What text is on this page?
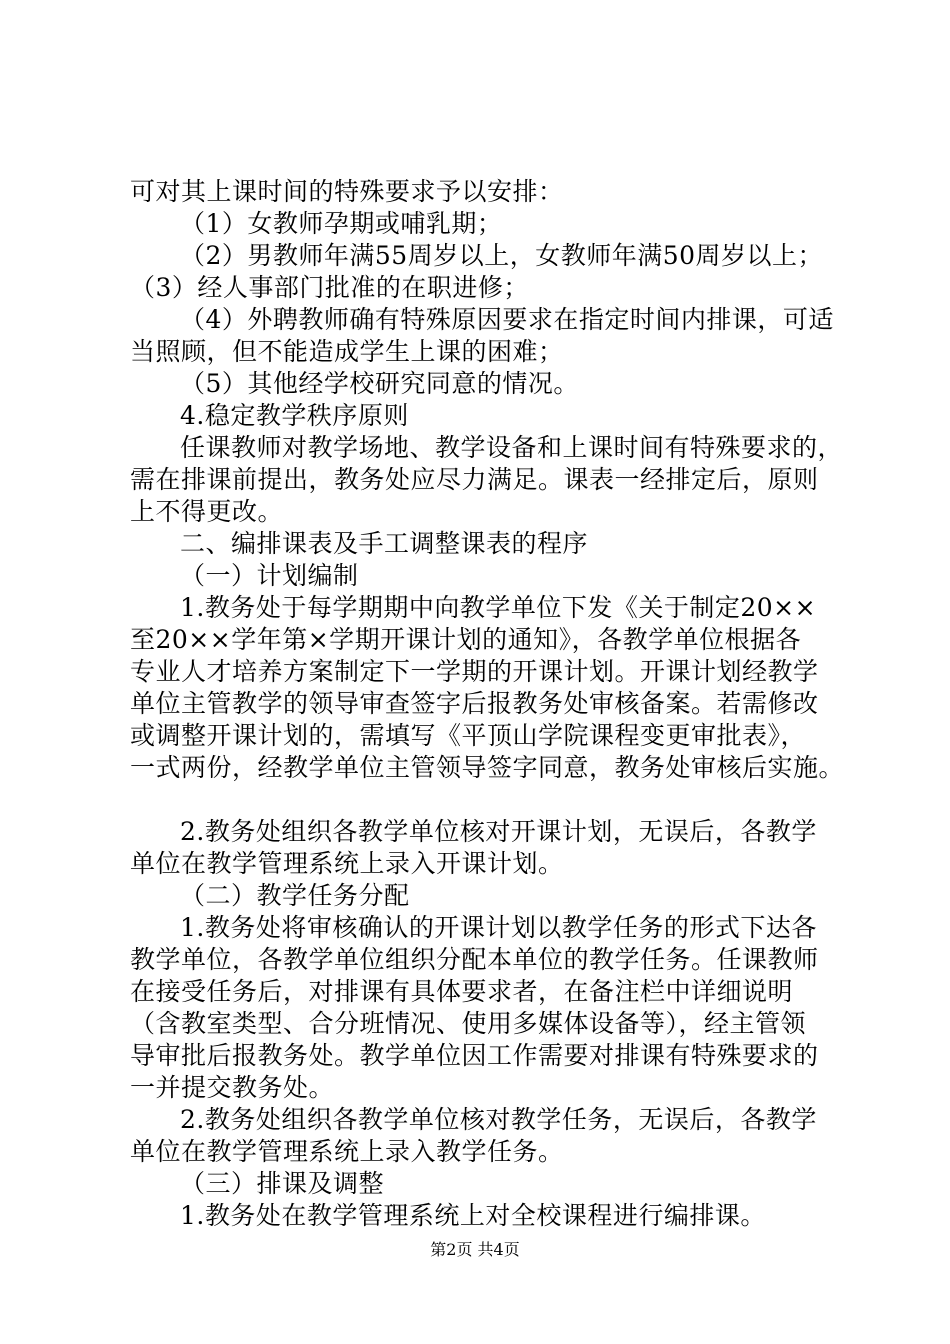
可对其上课时间的特殊要求予以安排：
（1）女教师孕期或哺乳期；
（2）男教师年满55周岁以上，女教师年满50周岁以上；
（3）经人事部门批准的在职进修；
（4）外聘教师确有特殊原因要求在指定时间内排课，可适
当照顾，但不能造成学生上课的困难；
（5）其他经学校研究同意的情况。
4.稳定教学秩序原则
任课教师对教学场地、教学设备和上课时间有特殊要求的，
需在排课前提出，教务处应尽力满足。课表一经排定后，原则
上不得更改。
二、编排课表及手工调整课表的程序
（一）计划编制
1.教务处于每学期期中向教学单位下发《关于制定20××
至20××学年第×学期开课计划的通知》，各教学单位根据各
专业人才培养方案制定下一学期的开课计划。开课计划经教学
单位主管教学的领导审查签字后报教务处审核备案。若需修改
或调整开课计划的，需填写《平顶山学院课程变更审批表》，
一式两份，经教学单位主管领导签字同意，教务处审核后实施。
2.教务处组织各教学单位核对开课计划，无误后，各教学
单位在教学管理系统上录入开课计划。
（二）教学任务分配
1.教务处将审核确认的开课计划以教学任务的形式下达各
教学单位，各教学单位组织分配本单位的教学任务。任课教师
在接受任务后，对排课有具体要求者，在备注栏中详细说明
（含教室类型、合分班情况、使用多媒体设备等），经主管领
导审批后报教务处。教学单位因工作需要对排课有特殊要求的
一并提交教务处。
2.教务处组织各教学单位核对教学任务，无误后，各教学
单位在教学管理系统上录入教学任务。
（三）排课及调整
1.教务处在教学管理系统上对全校课程进行编排课。
第2页 共4页
